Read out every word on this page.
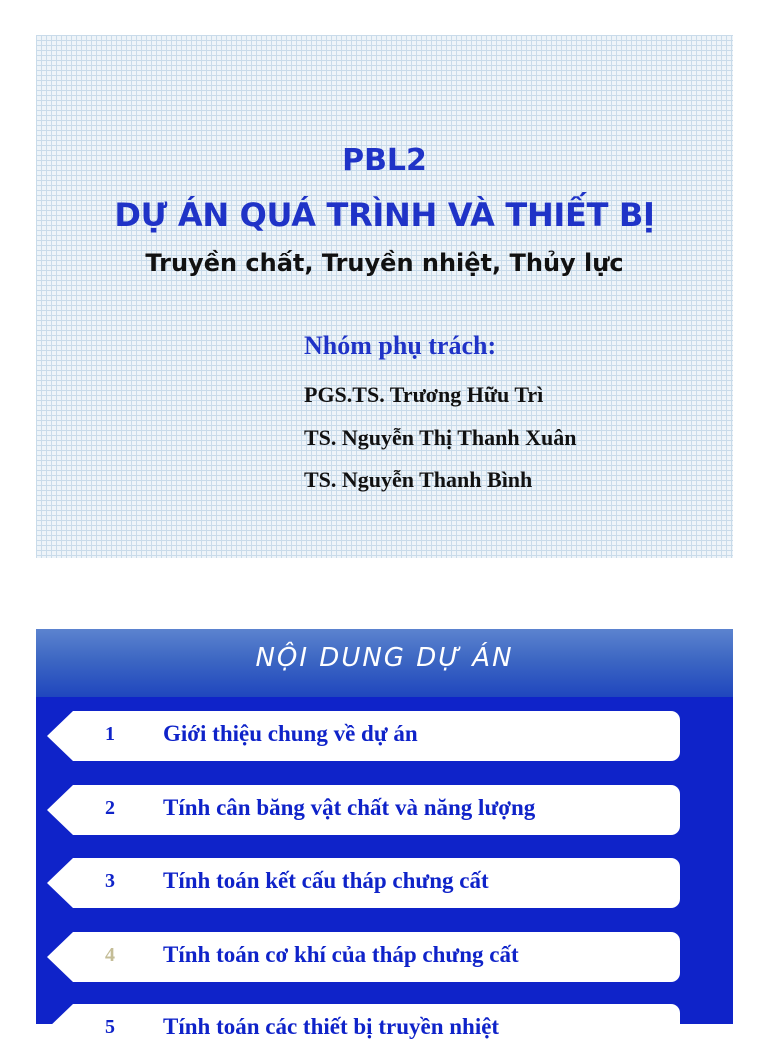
PBL2
DỰ ÁN QUÁ TRÌNH VÀ THIẾT BỊ
Truyền chất, Truyền nhiệt, Thủy lực
Nhóm phụ trách:
PGS.TS. Trương Hữu Trì
TS. Nguyễn Thị Thanh Xuân
TS. Nguyễn Thanh Bình
NỘI DUNG DỰ ÁN
1 Giới thiệu chung về dự án
2 Tính cân băng vật chất và năng lượng
3 Tính toán kết cấu tháp chưng cất
4 Tính toán cơ khí của tháp chưng cất
5 Tính toán các thiết bị truyền nhiệt
